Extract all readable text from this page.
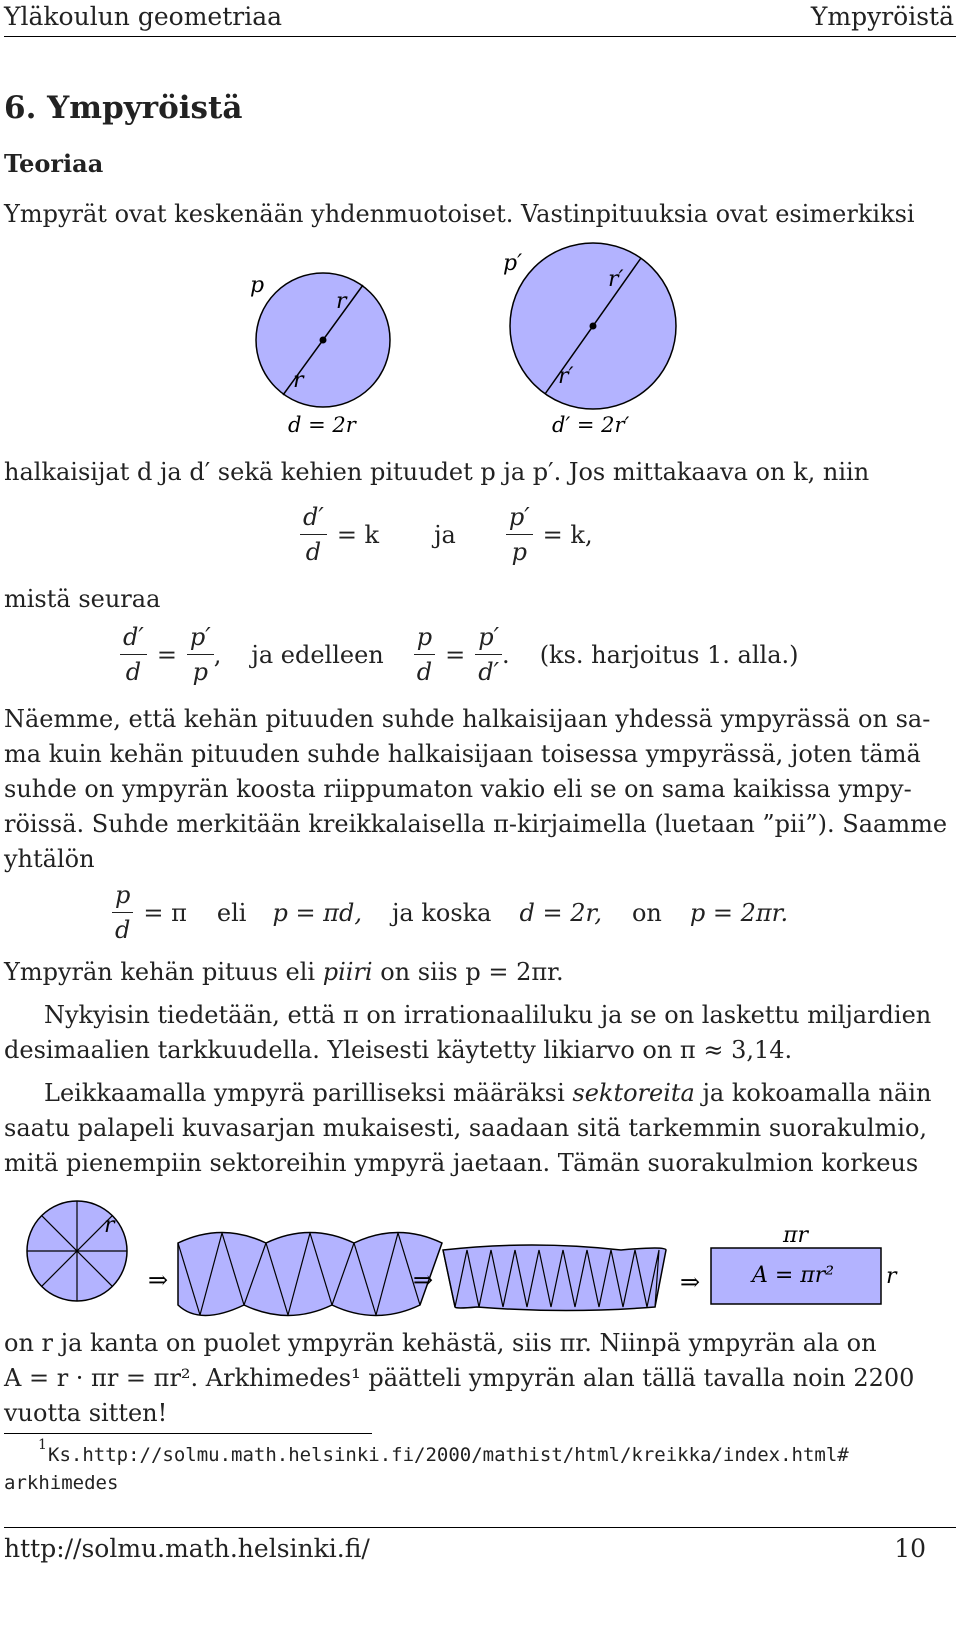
Yläkoulun geometriaa	Ympyröistä
6. Ympyröistä
Teoriaa
Ympyrät ovat keskenään yhdenmuotoiset. Vastinpituuksia ovat esimerkiksi
p
r
r
d = 2r
p′
r′
r′
d′ = 2r′
halkaisijat d ja d′ sekä kehien pituudet p ja p′. Jos mittakaava on k, niin
$\frac{d'}{d} = k$ ja $\frac{p'}{p} = k$,
mistä seuraa
$\frac{d'}{d} = \frac{p'}{p}$ , ja edelleen $\frac{p}{d} = \frac{p'}{d'}$ . (ks. harjoitus 1. alla.)
Näemme, että kehän pituuden suhde halkaisijaan yhdessä ympyrässä on sa-
ma kuin kehän pituuden suhde halkaisijaan toisessa ympyrässä, joten tämä
suhde on ympyrän koosta riippumaton vakio eli se on sama kaikissa ympy-
röissä. Suhde merkitään kreikkalaisella π-kirjaimella (luetaan ”pii”). Saamme
yhtälön
$\frac{p}{d} = \pi$ eli p = πd, ja koska d = 2r, on p = 2πr.
Ympyrän kehän pituus eli piiri on siis p = 2πr.
Nykyisin tiedetään, että π on irrationaaliluku ja se on laskettu miljardien
desimaalien tarkkuudella. Yleisesti käytetty likiarvo on π ≈ 3,14.
Leikkaamalla ympyrä parilliseksi määräksi sektoreita ja kokoamalla näin
saatu palapeli kuvasarjan mukaisesti, saadaan sitä tarkemmin suorakulmio,
mitä pienempiin sektoreihin ympyrä jaetaan. Tämän suorakulmion korkeus
r
⇒	⇒	⇒
πr
A = πr² r
on r ja kanta on puolet ympyrän kehästä, siis πr. Niinpä ympyrän ala on
A = r · πr = πr². Arkhimedes¹ päätteli ympyrän alan tällä tavalla noin 2200
vuotta sitten!
1 Ks.http://solmu.math.helsinki.fi/2000/mathist/html/kreikka/index.html#
arkhimedes
http://solmu.math.helsinki.fi/	10
